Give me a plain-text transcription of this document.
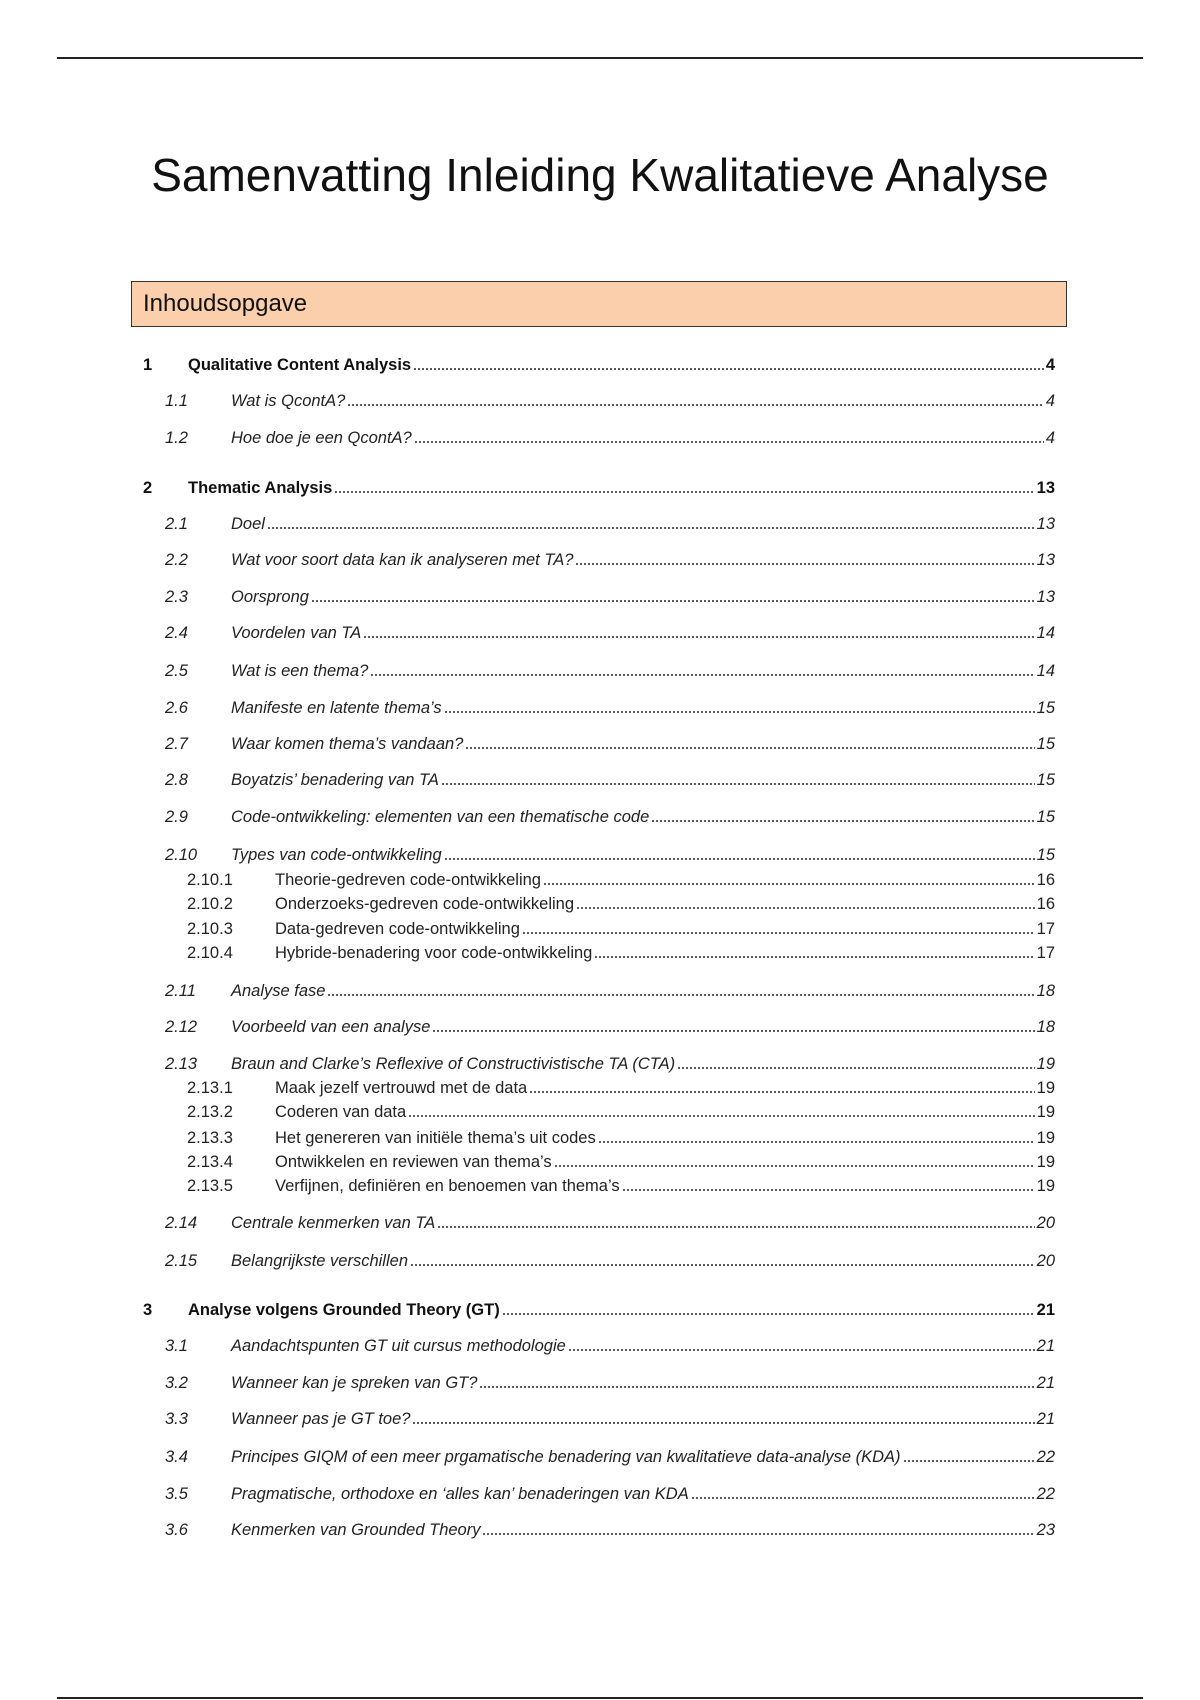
Samenvatting Inleiding Kwalitatieve Analyse
Inhoudsopgave
1	Qualitative Content Analysis	4
1.1	Wat is QcontA?	4
1.2	Hoe doe je een QcontA?	4
2	Thematic Analysis	13
2.1	Doel	13
2.2	Wat voor soort data kan ik analyseren met TA?	13
2.3	Oorsprong	13
2.4	Voordelen van TA	14
2.5	Wat is een thema?	14
2.6	Manifeste en latente thema’s	15
2.7	Waar komen thema’s vandaan?	15
2.8	Boyatzis’ benadering van TA	15
2.9	Code-ontwikkeling: elementen van een thematische code	15
2.10	Types van code-ontwikkeling	15
2.10.1	Theorie-gedreven code-ontwikkeling	16
2.10.2	Onderzoeks-gedreven code-ontwikkeling	16
2.10.3	Data-gedreven code-ontwikkeling	17
2.10.4	Hybride-benadering voor code-ontwikkeling	17
2.11	Analyse fase	18
2.12	Voorbeeld van een analyse	18
2.13	Braun and Clarke’s Reflexive of Constructivistische TA (CTA)	19
2.13.1	Maak jezelf vertrouwd met de data	19
2.13.2	Coderen van data	19
2.13.3	Het genereren van initiële thema’s uit codes	19
2.13.4	Ontwikkelen en reviewen van thema’s	19
2.13.5	Verfijnen, definiëren en benoemen van thema’s	19
2.14	Centrale kenmerken van TA	20
2.15	Belangrijkste verschillen	20
3	Analyse volgens Grounded Theory (GT)	21
3.1	Aandachtspunten GT uit cursus methodologie	21
3.2	Wanneer kan je spreken van GT?	21
3.3	Wanneer pas je GT toe?	21
3.4	Principes GIQM of een meer prgamatische benadering van kwalitatieve data-analyse (KDA)	22
3.5	Pragmatische, orthodoxe en ‘alles kan’ benaderingen van KDA	22
3.6	Kenmerken van Grounded Theory	23
